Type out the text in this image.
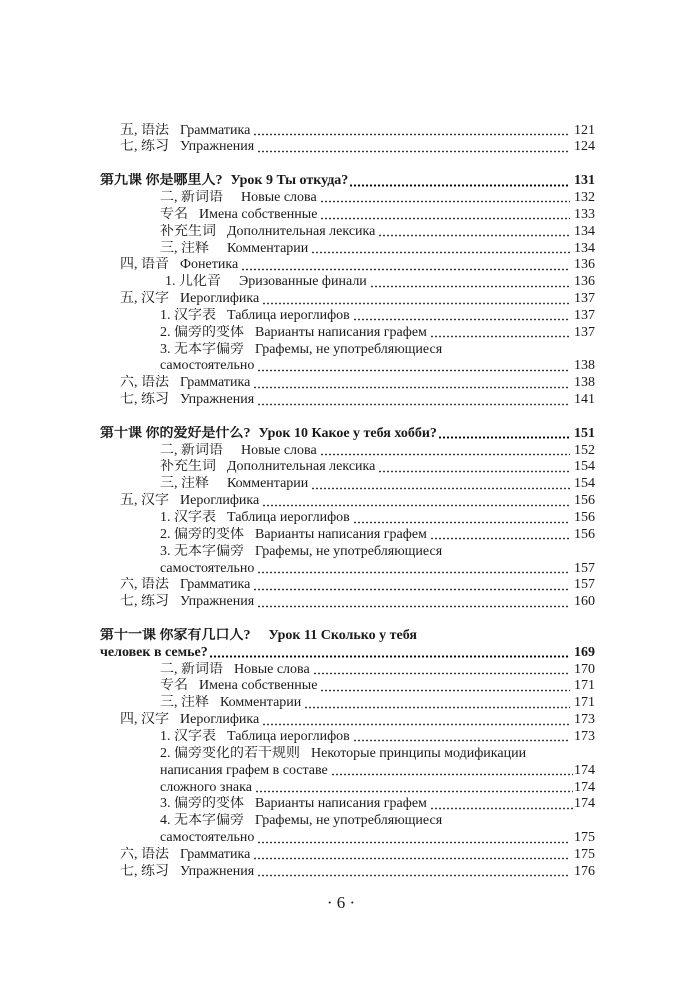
五, 语法 Грамматика	121
七, 练习 Упражнения	124
第九课 你是哪里人? Урок 9 Ты откуда?	131
二, 新词语 Новые слова	132
专名 Имена собственные	133
补充生词 Дополнительная лексика	134
三, 注释 Комментарии	134
四, 语音 Фонетика	136
1. 儿化音 Эризованные финали	136
五, 汉字 Иероглифика	137
1. 汉字表 Таблица иероглифов	137
2. 偏旁的变体 Варианты написания графем	137
3. 无本字偏旁 Графемы, не употребляющиеся
самостоятельно	138
六, 语法 Грамматика	138
七, 练习 Упражнения	141
第十课 你的爱好是什么? Урок 10 Какое у тебя хобби?	151
二, 新词语 Новые слова	152
补充生词 Дополнительная лексика	154
三, 注释 Комментарии	154
五, 汉字 Иероглифика	156
1. 汉字表 Таблица иероглифов	156
2. 偏旁的变体 Варианты написания графем	156
3. 无本字偏旁 Графемы, не употребляющиеся
самостоятельно	157
六, 语法 Грамматика	157
七, 练习 Упражнения	160
第十一课 你家有几口人? Урок 11 Сколько у тебя
человек в семье?	169
二, 新词语 Новые слова	170
专名 Имена собственные	171
三, 注释 Комментарии	171
四, 汉字 Иероглифика	173
1. 汉字表 Таблица иероглифов	173
2. 偏旁变化的若干规则 Некоторые принципы модификации
написания графем в составе	174
сложного знака	174
3. 偏旁的变体 Варианты написания графем	174
4. 无本字偏旁 Графемы, не употребляющиеся
самостоятельно	175
六, 语法 Грамматика	175
七, 练习 Упражнения	176
· 6 ·
